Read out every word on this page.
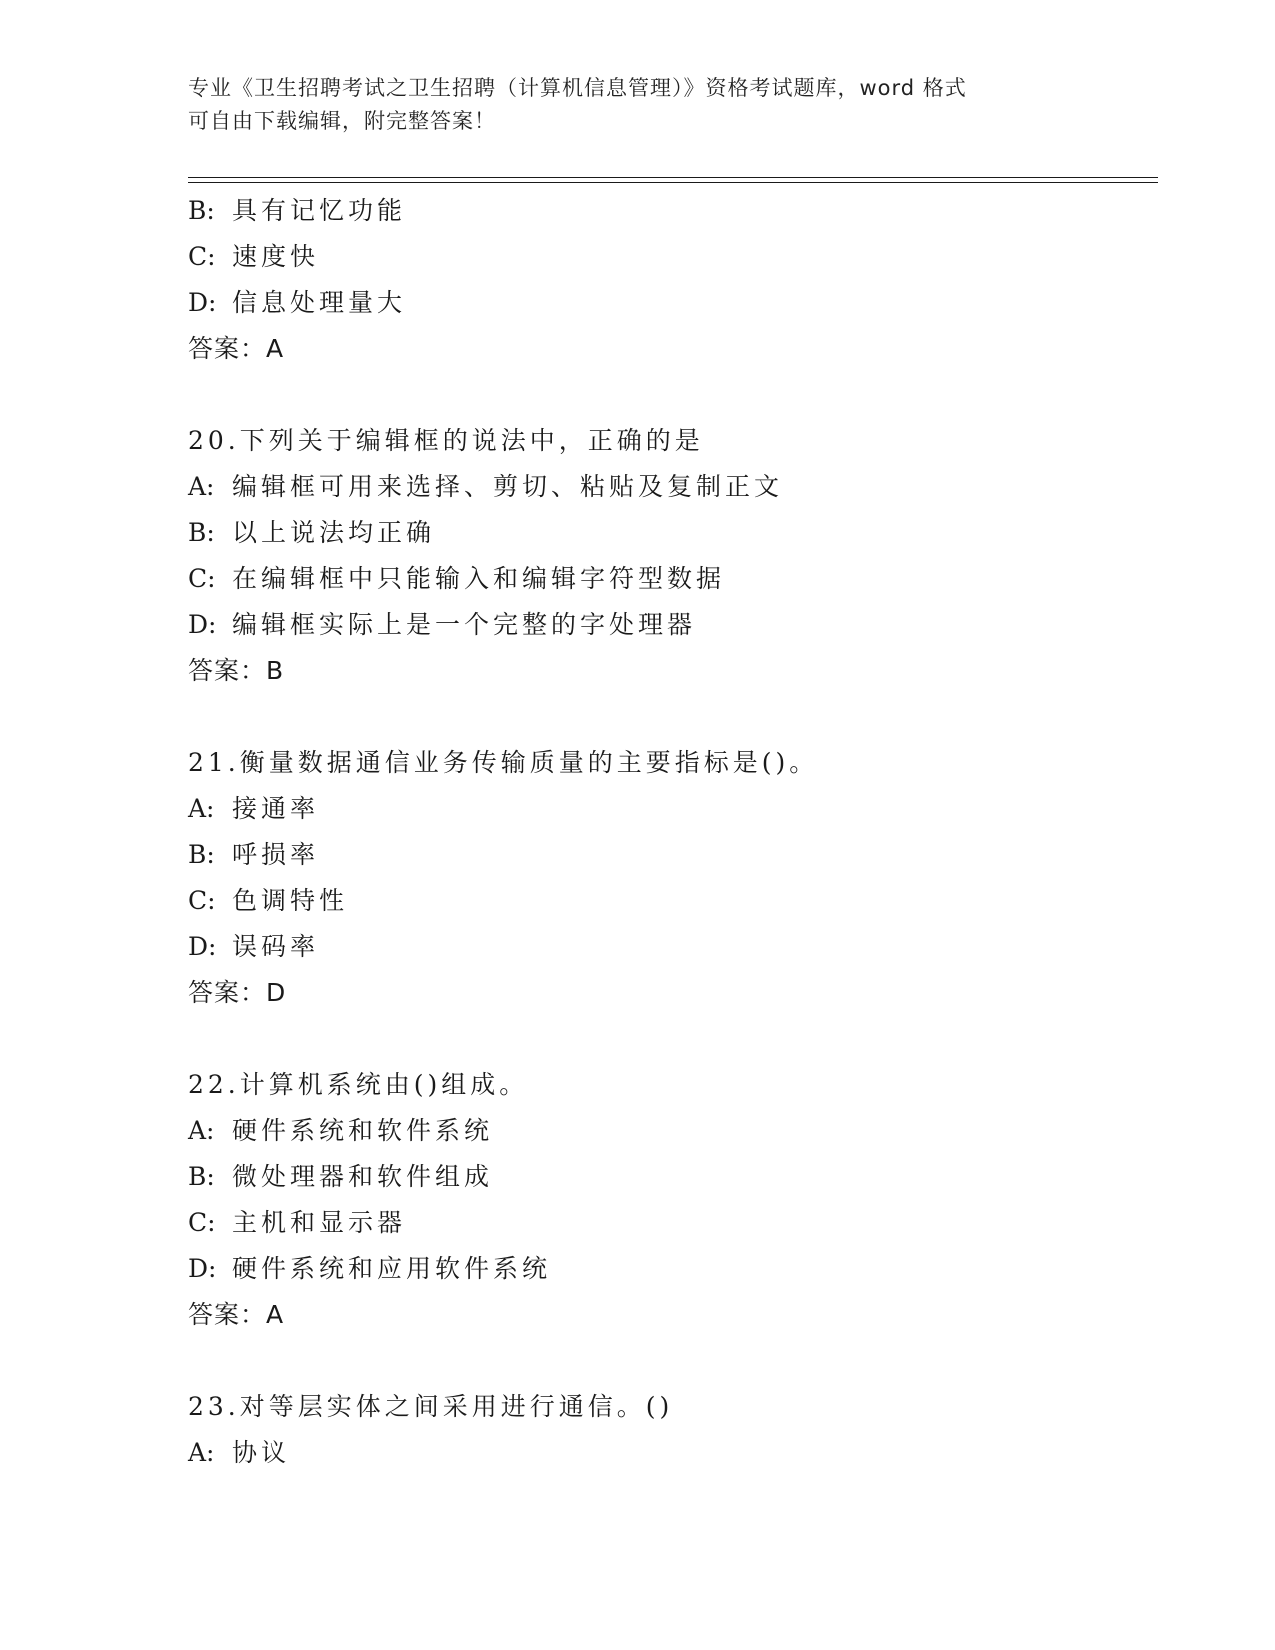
专业《卫生招聘考试之卫生招聘（计算机信息管理）》资格考试题库，word 格式
可自由下载编辑，附完整答案！
B: 具有记忆功能
C: 速度快
D: 信息处理量大
答案：A
20.下列关于编辑框的说法中，正确的是
A: 编辑框可用来选择、剪切、粘贴及复制正文
B: 以上说法均正确
C: 在编辑框中只能输入和编辑字符型数据
D: 编辑框实际上是一个完整的字处理器
答案：B
21.衡量数据通信业务传输质量的主要指标是()。
A: 接通率
B: 呼损率
C: 色调特性
D: 误码率
答案：D
22.计算机系统由()组成。
A: 硬件系统和软件系统
B: 微处理器和软件组成
C: 主机和显示器
D: 硬件系统和应用软件系统
答案：A
23.对等层实体之间采用进行通信。()
A: 协议
